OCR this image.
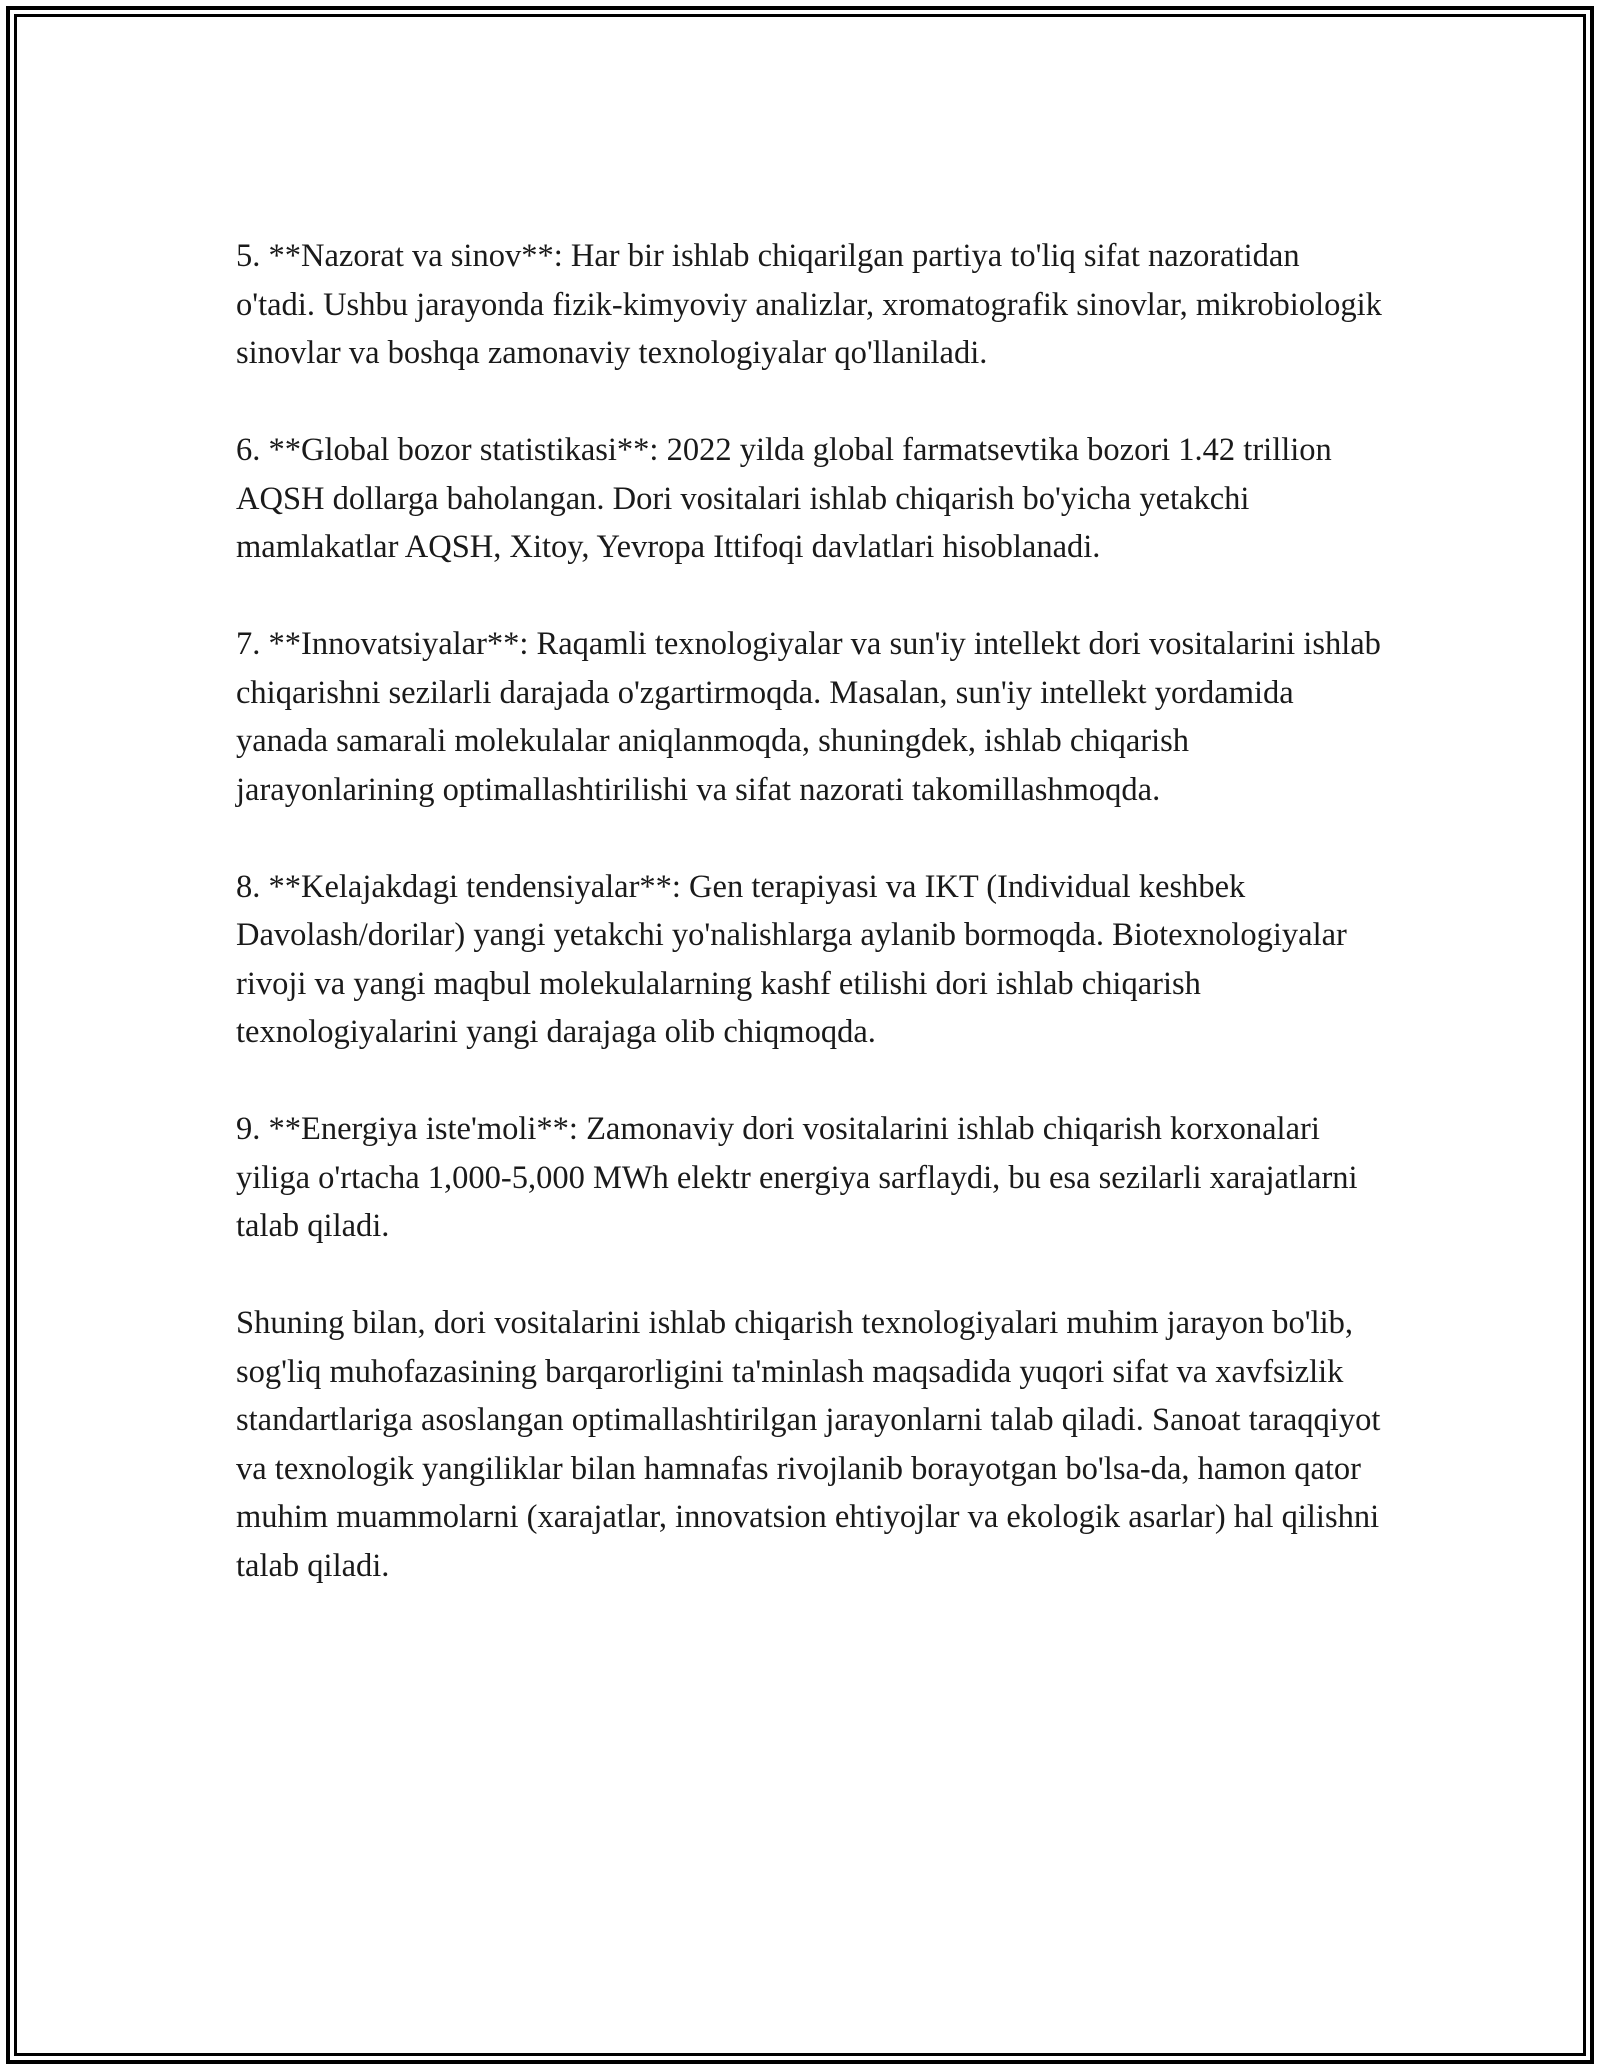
5. **Nazorat va sinov**: Har bir ishlab chiqarilgan partiya to'liq sifat nazoratidan o'tadi. Ushbu jarayonda fizik-kimyoviy analizlar, xromatografik sinovlar, mikrobiologik sinovlar va boshqa zamonaviy texnologiyalar qo'llaniladi.

6. **Global bozor statistikasi**: 2022 yilda global farmatsevtika bozori 1.42 trillion AQSH dollarga baholangan. Dori vositalari ishlab chiqarish bo'yicha yetakchi mamlakatlar AQSH, Xitoy, Yevropa Ittifoqi davlatlari hisoblanadi.

7. **Innovatsiyalar**: Raqamli texnologiyalar va sun'iy intellekt dori vositalarini ishlab chiqarishni sezilarli darajada o'zgartirmoqda. Masalan, sun'iy intellekt yordamida yanada samarali molekulalar aniqlanmoqda, shuningdek, ishlab chiqarish jarayonlarining optimallashtirilishi va sifat nazorati takomillashmoqda.

8. **Kelajakdagi tendensiyalar**: Gen terapiyasi va IKT (Individual keshbek Davolash/dorilar) yangi yetakchi yo'nalishlarga aylanib bormoqda. Biotexnologiyalar rivoji va yangi maqbul molekulalarning kashf etilishi dori ishlab chiqarish texnologiyalarini yangi darajaga olib chiqmoqda.

9. **Energiya iste'moli**: Zamonaviy dori vositalarini ishlab chiqarish korxonalari yiliga o'rtacha 1,000-5,000 MWh elektr energiya sarflaydi, bu esa sezilarli xarajatlarni talab qiladi.

Shuning bilan, dori vositalarini ishlab chiqarish texnologiyalari muhim jarayon bo'lib, sog'liq muhofazasining barqarorligini ta'minlash maqsadida yuqori sifat va xavfsizlik standartlariga asoslangan optimallashtirilgan jarayonlarni talab qiladi. Sanoat taraqqiyot va texnologik yangiliklar bilan hamnafas rivojlanib borayotgan bo'lsa-da, hamon qator muhim muammolarni (xarajatlar, innovatsion ehtiyojlar va ekologik asarlar) hal qilishni talab qiladi.
